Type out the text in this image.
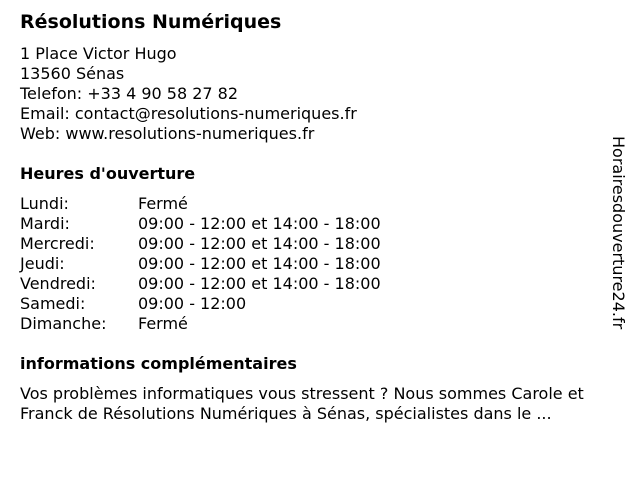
Résolutions Numériques
1 Place Victor Hugo
13560 Sénas
Telefon: +33 4 90 58 27 82
Email: contact@resolutions-numeriques.fr
Web: www.resolutions-numeriques.fr
Heures d'ouverture
Lundi:	Fermé
Mardi:	09:00 - 12:00 et 14:00 - 18:00
Mercredi:	09:00 - 12:00 et 14:00 - 18:00
Jeudi:	09:00 - 12:00 et 14:00 - 18:00
Vendredi:	09:00 - 12:00 et 14:00 - 18:00
Samedi:	09:00 - 12:00
Dimanche: Fermé
informations complémentaires
Vos problèmes informatiques vous stressent ? Nous sommes Carole et Franck de Résolutions Numériques à Sénas, spécialistes dans le ...
Horairesdouverture24.fr
